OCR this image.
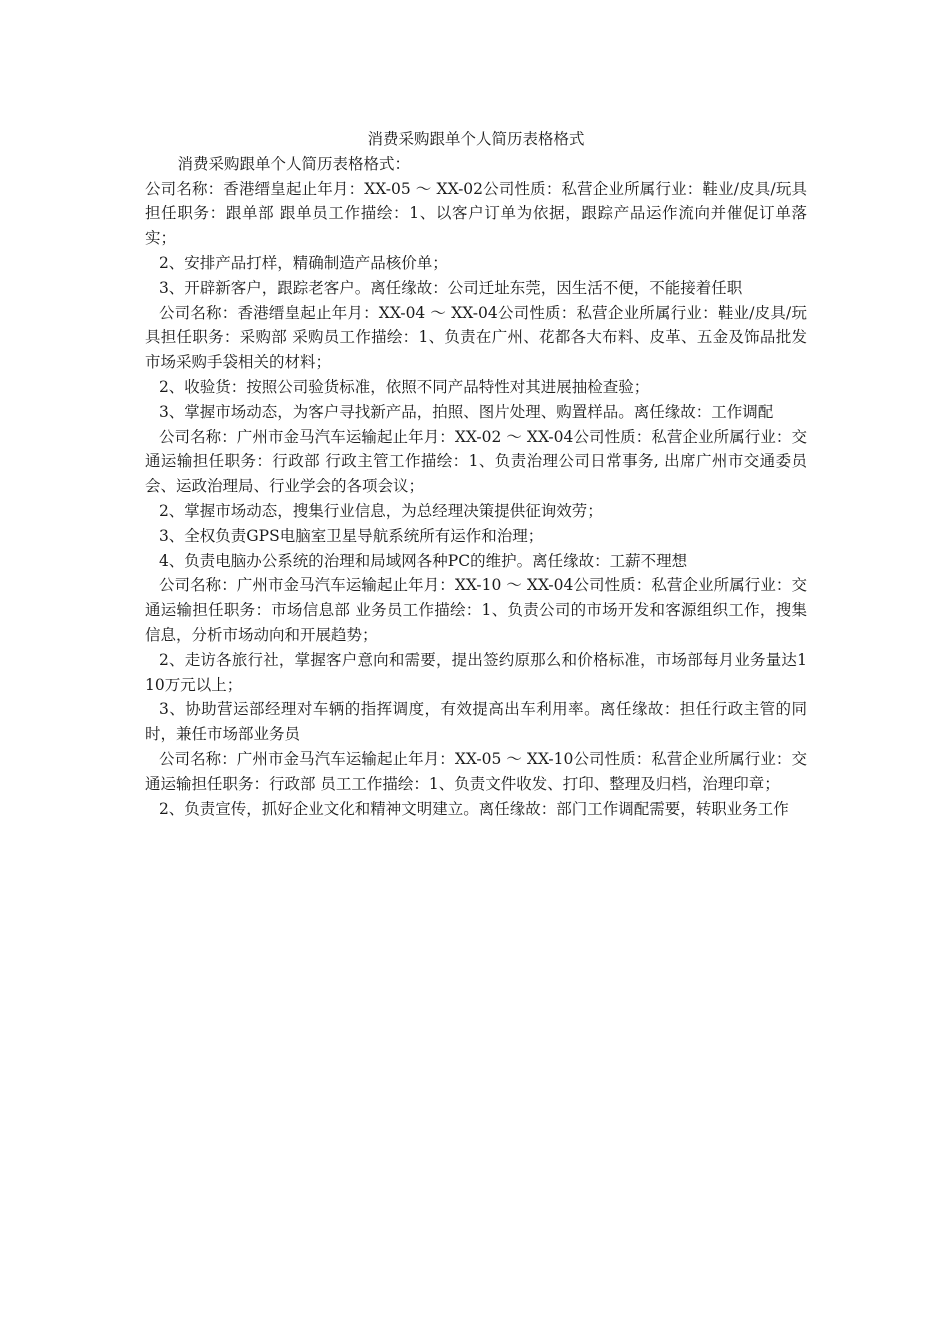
消费采购跟单个人简历表格格式

消费采购跟单个人简历表格格式：

公司名称：香港缙皇起止年月：XX-05 ～ XX-02公司性质：私营企业所属行业：鞋业/皮具/玩具担任职务：跟单部 跟单员工作描绘：1、以客户订单为依据，跟踪产品运作流向并催促订单落实；

2、安排产品打样，精确制造产品核价单；

3、开辟新客户，跟踪老客户。离任缘故：公司迁址东莞，因生活不便，不能接着任职

公司名称：香港缙皇起止年月：XX-04 ～ XX-04公司性质：私营企业所属行业：鞋业/皮具/玩具担任职务：采购部 采购员工作描绘：1、负责在广州、花都各大布料、皮革、五金及饰品批发市场采购手袋相关的材料；

2、收验货：按照公司验货标准，依照不同产品特性对其进展抽检查验；

3、掌握市场动态，为客户寻找新产品，拍照、图片处理、购置样品。离任缘故：工作调配

公司名称：广州市金马汽车运输起止年月：XX-02 ～ XX-04公司性质：私营企业所属行业：交通运输担任职务：行政部 行政主管工作描绘：1、负责治理公司日常事务, 出席广州市交通委员会、运政治理局、行业学会的各项会议；

2、掌握市场动态，搜集行业信息，为总经理决策提供征询效劳；

3、全权负责GPS电脑室卫星导航系统所有运作和治理；

4、负责电脑办公系统的治理和局域网各种PC的维护。离任缘故：工薪不理想

公司名称：广州市金马汽车运输起止年月：XX-10 ～ XX-04公司性质：私营企业所属行业：交通运输担任职务：市场信息部 业务员工作描绘：1、负责公司的市场开发和客源组织工作，搜集信息，分析市场动向和开展趋势；

2、走访各旅行社，掌握客户意向和需要，提出签约原那么和价格标准，市场部每月业务量达110万元以上；

3、协助营运部经理对车辆的指挥调度，有效提高出车利用率。离任缘故：担任行政主管的同时，兼任市场部业务员

公司名称：广州市金马汽车运输起止年月：XX-05 ～ XX-10公司性质：私营企业所属行业：交通运输担任职务：行政部 员工工作描绘：1、负责文件收发、打印、整理及归档，治理印章；

2、负责宣传，抓好企业文化和精神文明建立。离任缘故：部门工作调配需要，转职业务工作
